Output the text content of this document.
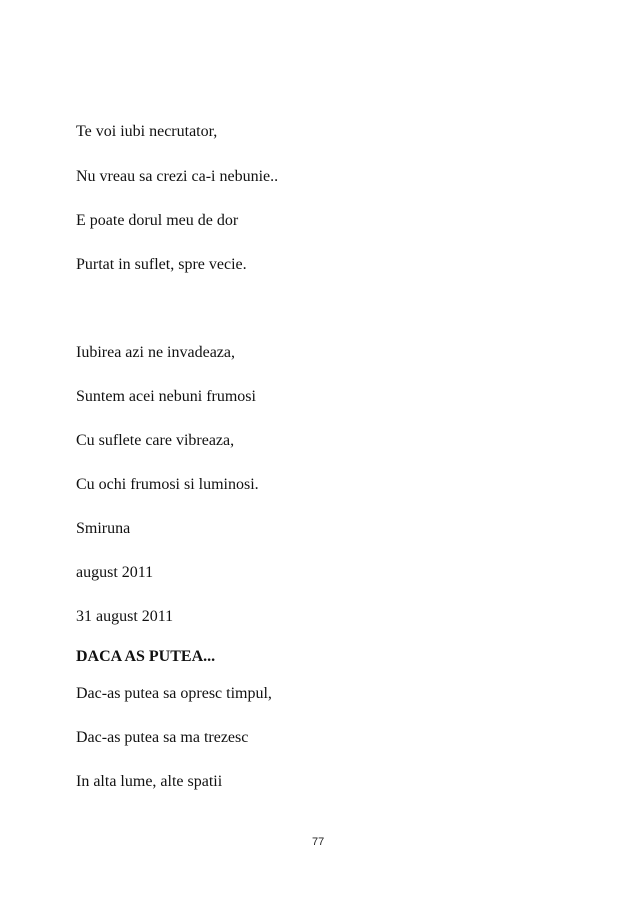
Te voi iubi necrutator,
Nu vreau sa crezi ca-i nebunie..
E poate dorul meu de dor
Purtat in suflet, spre vecie.
Iubirea azi ne invadeaza,
Suntem acei nebuni frumosi
Cu suflete care vibreaza,
Cu ochi frumosi si luminosi.
Smiruna
august 2011
31 august 2011
DACA AS PUTEA...
Dac-as putea sa opresc timpul,
Dac-as putea sa ma trezesc
In alta lume, alte spatii
77
